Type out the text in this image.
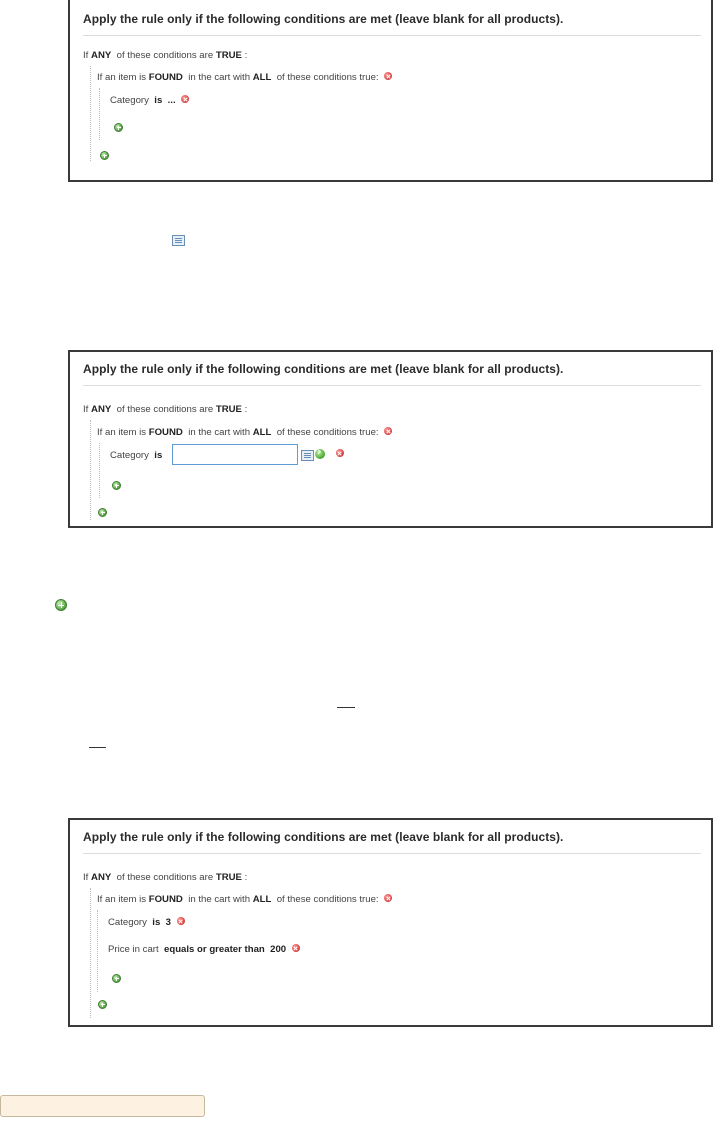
Apply the rule only if the following conditions are met (leave blank for all products).
If ANY of these conditions are TRUE :
If an item is FOUND in the cart with ALL of these conditions true:
Category is ...
Apply the rule only if the following conditions are met (leave blank for all products).
If ANY of these conditions are TRUE :
If an item is FOUND in the cart with ALL of these conditions true:
Category is
›
Apply the rule only if the following conditions are met (leave blank for all products).
If ANY of these conditions are TRUE :
If an item is FOUND in the cart with ALL of these conditions true:
Category is 3
Price in cart equals or greater than 200
